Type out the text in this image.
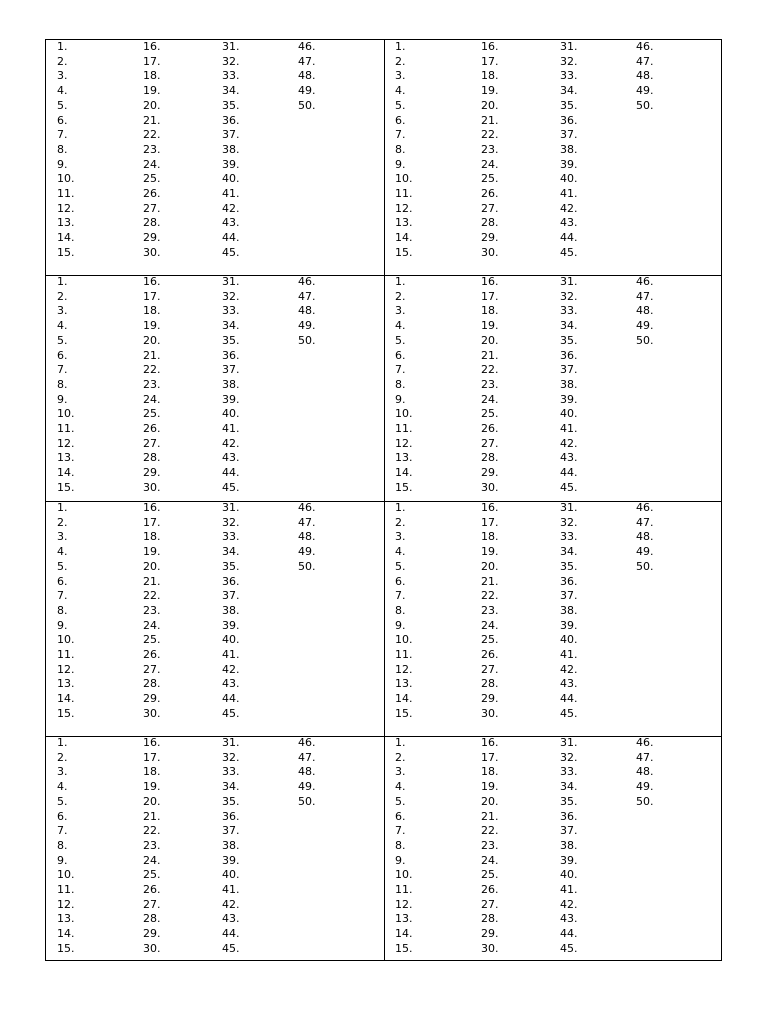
1.
2.
3.
4.
5.
6.
7.
8.
9.
10.
11.
12.
13.
14.
15.
16.
17.
18.
19.
20.
21.
22.
23.
24.
25.
26.
27.
28.
29.
30.
31.
32.
33.
34.
35.
36.
37.
38.
39.
40.
41.
42.
43.
44.
45.
46.
47.
48.
49.
50.
1.
2.
3.
4.
5.
6.
7.
8.
9.
10.
11.
12.
13.
14.
15.
16.
17.
18.
19.
20.
21.
22.
23.
24.
25.
26.
27.
28.
29.
30.
31.
32.
33.
34.
35.
36.
37.
38.
39.
40.
41.
42.
43.
44.
45.
46.
47.
48.
49.
50.
1.
2.
3.
4.
5.
6.
7.
8.
9.
10.
11.
12.
13.
14.
15.
16.
17.
18.
19.
20.
21.
22.
23.
24.
25.
26.
27.
28.
29.
30.
31.
32.
33.
34.
35.
36.
37.
38.
39.
40.
41.
42.
43.
44.
45.
46.
47.
48.
49.
50.
1.
2.
3.
4.
5.
6.
7.
8.
9.
10.
11.
12.
13.
14.
15.
16.
17.
18.
19.
20.
21.
22.
23.
24.
25.
26.
27.
28.
29.
30.
31.
32.
33.
34.
35.
36.
37.
38.
39.
40.
41.
42.
43.
44.
45.
46.
47.
48.
49.
50.
1.
2.
3.
4.
5.
6.
7.
8.
9.
10.
11.
12.
13.
14.
15.
16.
17.
18.
19.
20.
21.
22.
23.
24.
25.
26.
27.
28.
29.
30.
31.
32.
33.
34.
35.
36.
37.
38.
39.
40.
41.
42.
43.
44.
45.
46.
47.
48.
49.
50.
1.
2.
3.
4.
5.
6.
7.
8.
9.
10.
11.
12.
13.
14.
15.
16.
17.
18.
19.
20.
21.
22.
23.
24.
25.
26.
27.
28.
29.
30.
31.
32.
33.
34.
35.
36.
37.
38.
39.
40.
41.
42.
43.
44.
45.
46.
47.
48.
49.
50.
1.
2.
3.
4.
5.
6.
7.
8.
9.
10.
11.
12.
13.
14.
15.
16.
17.
18.
19.
20.
21.
22.
23.
24.
25.
26.
27.
28.
29.
30.
31.
32.
33.
34.
35.
36.
37.
38.
39.
40.
41.
42.
43.
44.
45.
46.
47.
48.
49.
50.
1.
2.
3.
4.
5.
6.
7.
8.
9.
10.
11.
12.
13.
14.
15.
16.
17.
18.
19.
20.
21.
22.
23.
24.
25.
26.
27.
28.
29.
30.
31.
32.
33.
34.
35.
36.
37.
38.
39.
40.
41.
42.
43.
44.
45.
46.
47.
48.
49.
50.
